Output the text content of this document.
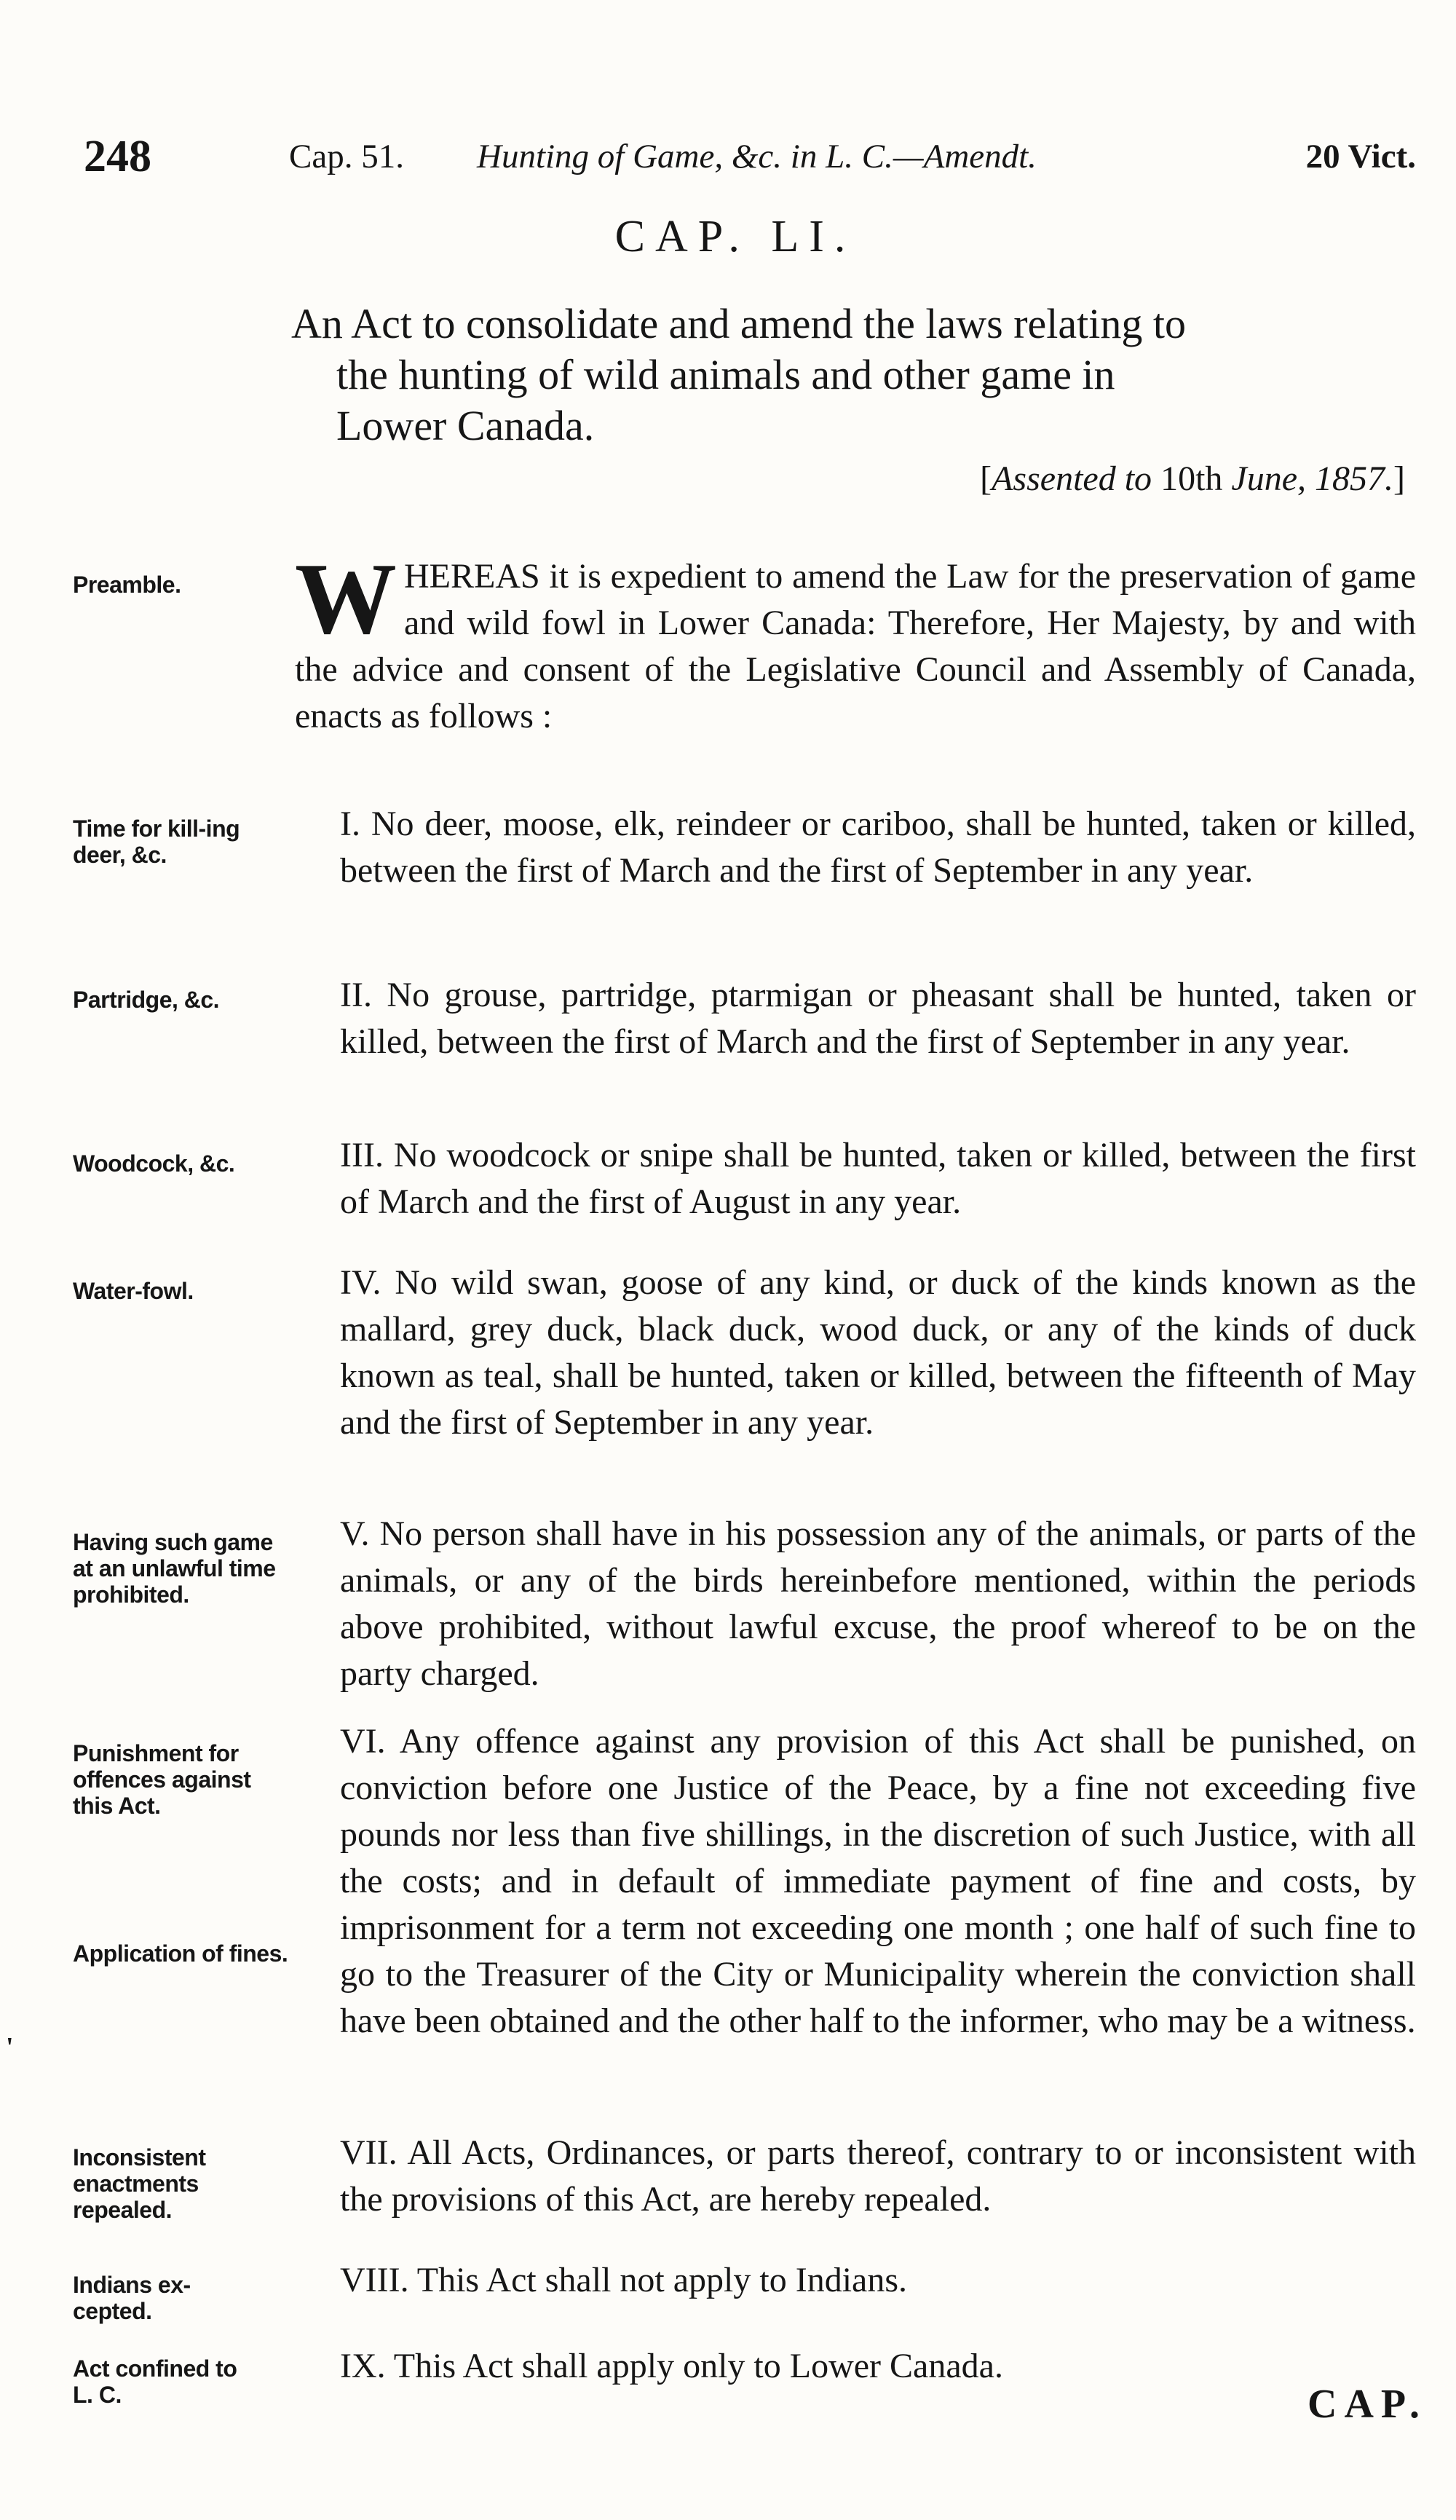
248	Cap. 51. Hunting of Game, &c. in L. C.—Amendt.	20 Vict.
CAP. LI.
An Act to consolidate and amend the laws relating to
the hunting of wild animals and other game in
Lower Canada.
[Assented to 10th June, 1857.]
Preamble.	WHEREAS it is expedient to amend the Law for the preservation of game and wild fowl in Lower Canada: Therefore, Her Majesty, by and with the advice and consent of the Legislative Council and Assembly of Canada, enacts as follows :
Time for kill-ing deer, &c.
I. No deer, moose, elk, reindeer or cariboo, shall be hunted, taken or killed, between the first of March and the first of September in any year.
Partridge, &c.	II. No grouse, partridge, ptarmigan or pheasant shall be hunted, taken or killed, between the first of March and the first of September in any year.
Woodcock, &c.	III. No woodcock or snipe shall be hunted, taken or killed, between the first of March and the first of August in any year.
Water-fowl.	IV. No wild swan, goose of any kind, or duck of the kinds known as the mallard, grey duck, black duck, wood duck, or any of the kinds of duck known as teal, shall be hunted, taken or killed, between the fifteenth of May and the first of September in any year.
Having such game at an unlawful time prohibited.
V. No person shall have in his possession any of the animals, or parts of the animals, or any of the birds hereinbefore mentioned, within the periods above prohibited, without lawful excuse, the proof whereof to be on the party charged.
Punishment for offences against this Act.
Application of fines.
VI. Any offence against any provision of this Act shall be punished, on conviction before one Justice of the Peace, by a fine not exceeding five pounds nor less than five shillings, in the discretion of such Justice, with all the costs; and in default of immediate payment of fine and costs, by imprisonment for a term not exceeding one month ; one half of such fine to go to the Treasurer of the City or Municipality wherein the conviction shall have been obtained and the other half to the informer, who may be a witness.
'
Inconsistent enactments repealed.
VII. All Acts, Ordinances, or parts thereof, contrary to or inconsistent with the provisions of this Act, are hereby repealed.
Indians ex-cepted.
VIII. This Act shall not apply to Indians.
Act confined to L. C.
IX. This Act shall apply only to Lower Canada.
CAP.
